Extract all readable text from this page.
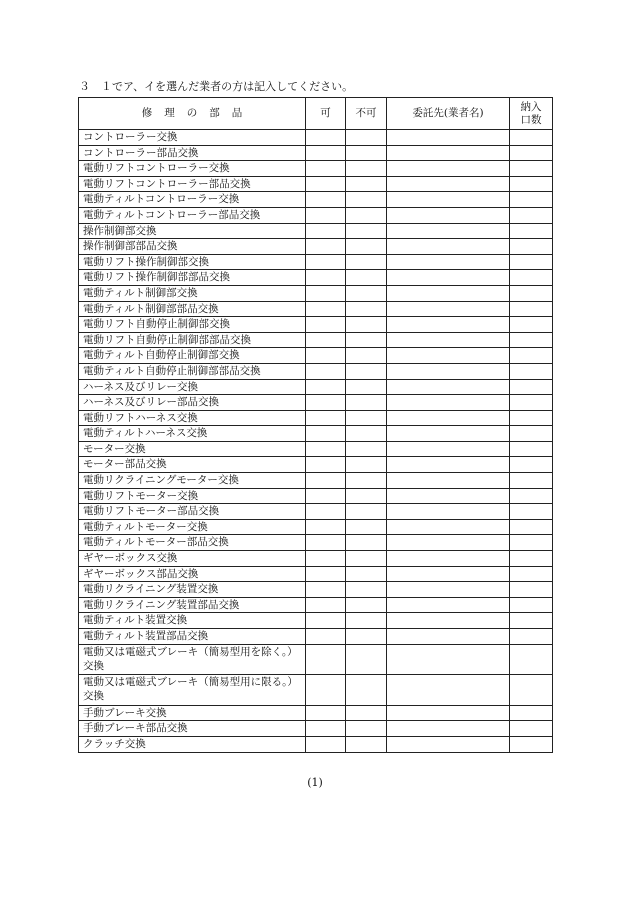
３　１でア、イを選んだ業者の方は記入してください。
修理の部品	可	不可	委託先(業者名)	納入
口数
コントローラー交換				
コントローラー部品交換				
電動リフトコントローラー交換				
電動リフトコントローラー部品交換				
電動ティルトコントローラー交換				
電動ティルトコントローラー部品交換				
操作制御部交換				
操作制御部部品交換				
電動リフト操作制御部交換				
電動リフト操作制御部部品交換				
電動ティルト制御部交換				
電動ティルト制御部部品交換				
電動リフト自動停止制御部交換				
電動リフト自動停止制御部部品交換				
電動ティルト自動停止制御部交換				
電動ティルト自動停止制御部部品交換				
ハーネス及びリレー交換				
ハーネス及びリレー部品交換				
電動リフトハーネス交換				
電動ティルトハーネス交換				
モーター交換				
モーター部品交換				
電動リクライニングモーター交換				
電動リフトモーター交換				
電動リフトモーター部品交換				
電動ティルトモーター交換				
電動ティルトモーター部品交換				
ギヤーボックス交換				
ギヤーボックス部品交換				
電動リクライニング装置交換				
電動リクライニング装置部品交換				
電動ティルト装置交換				
電動ティルト装置部品交換				
電動又は電磁式ブレーキ（簡易型用を除く。）交換				
電動又は電磁式ブレーキ（簡易型用に限る。）交換				
手動ブレーキ交換				
手動ブレーキ部品交換				
クラッチ交換				
(1)
